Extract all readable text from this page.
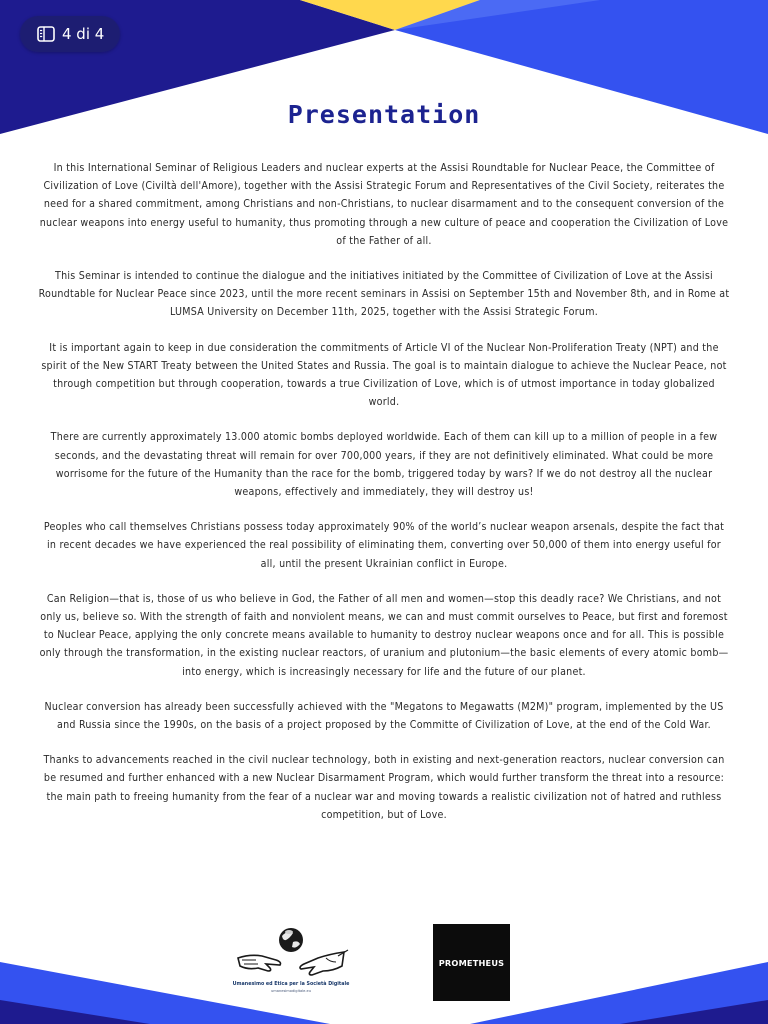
4 di 4
Presentation

In this International Seminar of Religious Leaders and nuclear experts at the Assisi Roundtable for Nuclear Peace, the Committee of Civilization of Love (Civiltà dell'Amore), together with the Assisi Strategic Forum and Representatives of the Civil Society, reiterates the need for a shared commitment, among Christians and non-Christians, to nuclear disarmament and to the consequent conversion of the nuclear weapons into energy useful to humanity, thus promoting through a new culture of peace and cooperation the Civilization of Love of the Father of all.

This Seminar is intended to continue the dialogue and the initiatives initiated by the Committee of Civilization of Love at the Assisi Roundtable for Nuclear Peace since 2023, until the more recent seminars in Assisi on September 15th and November 8th, and in Rome at LUMSA University on December 11th, 2025, together with the Assisi Strategic Forum.

It is important again to keep in due consideration the commitments of Article VI of the Nuclear Non-Proliferation Treaty (NPT) and the spirit of the New START Treaty between the United States and Russia. The goal is to maintain dialogue to achieve the Nuclear Peace, not through competition but through cooperation, towards a true Civilization of Love, which is of utmost importance in today globalized world.

There are currently approximately 13.000 atomic bombs deployed worldwide. Each of them can kill up to a million of people in a few seconds, and the devastating threat will remain for over 700,000 years, if they are not definitively eliminated. What could be more worrisome for the future of the Humanity than the race for the bomb, triggered today by wars? If we do not destroy all the nuclear weapons, effectively and immediately, they will destroy us!

Peoples who call themselves Christians possess today approximately 90% of the world’s nuclear weapon arsenals, despite the fact that in recent decades we have experienced the real possibility of eliminating them, converting over 50,000 of them into energy useful for all, until the present Ukrainian conflict in Europe.

Can Religion—that is, those of us who believe in God, the Father of all men and women—stop this deadly race? We Christians, and not only us, believe so. With the strength of faith and nonviolent means, we can and must commit ourselves to Peace, but first and foremost to Nuclear Peace, applying the only concrete means available to humanity to destroy nuclear weapons once and for all. This is possible only through the transformation, in the existing nuclear reactors, of uranium and plutonium—the basic elements of every atomic bomb—into energy, which is increasingly necessary for life and the future of our planet.

Nuclear conversion has already been successfully achieved with the "Megatons to Megawatts (M2M)" program, implemented by the US and Russia since the 1990s, on the basis of a project proposed by the Committe of Civilization of Love, at the end of the Cold War.

Thanks to advancements reached in the civil nuclear technology, both in existing and next-generation reactors, nuclear conversion can be resumed and further enhanced with a new Nuclear Disarmament Program, which would further transform the threat into a resource: the main path to freeing humanity from the fear of a nuclear war and moving towards a realistic civilization not of hatred and ruthless competition, but of Love.

Umanesimo ed Etica per la Società Digitale
umanesimodigitale.eu
PROMETHEUS
